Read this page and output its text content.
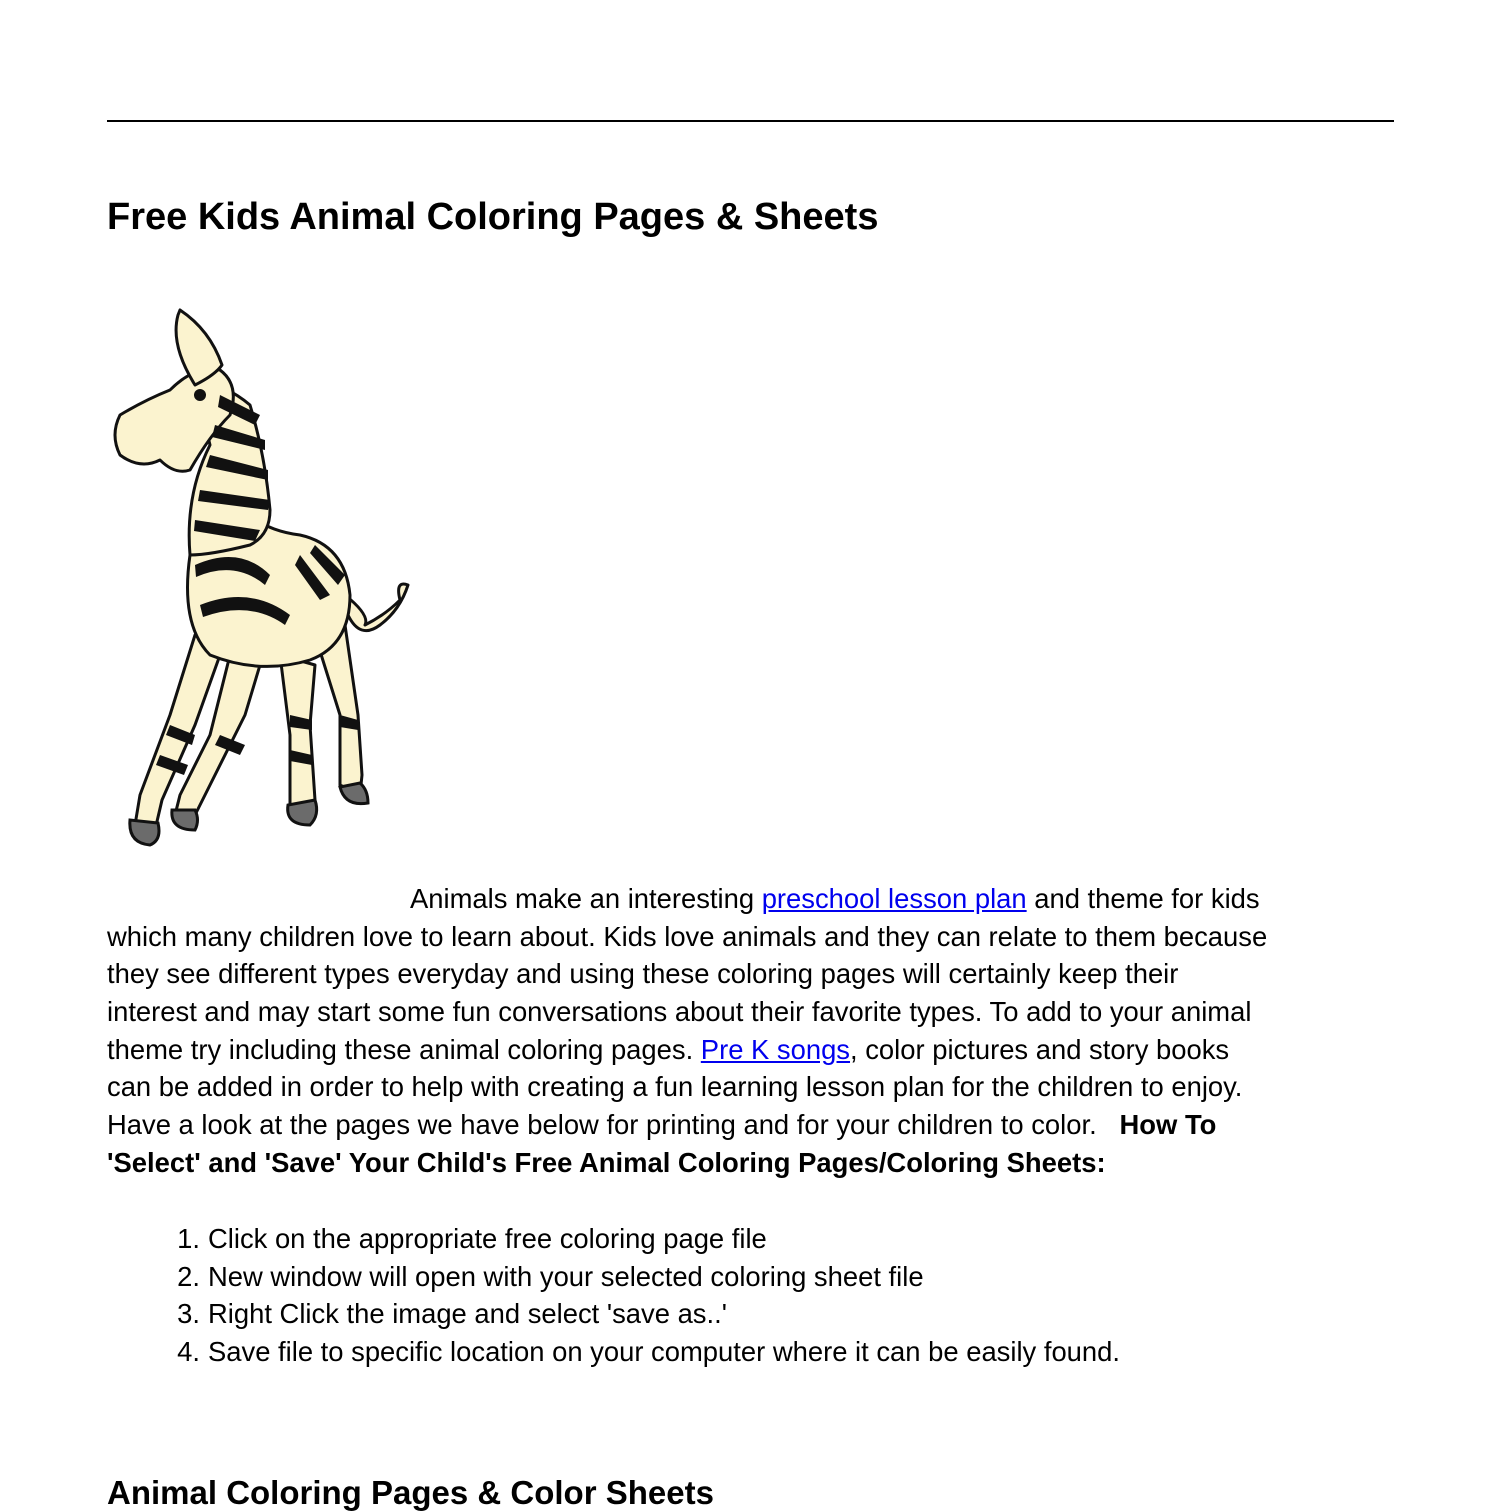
Free Kids Animal Coloring Pages & Sheets
Animals make an interesting preschool lesson plan and theme for kids
which many children love to learn about. Kids love animals and they can relate to them because
they see different types everyday and using these coloring pages will certainly keep their
interest and may start some fun conversations about their favorite types. To add to your animal
theme try including these animal coloring pages. Pre K songs, color pictures and story books
can be added in order to help with creating a fun learning lesson plan for the children to enjoy.
Have a look at the pages we have below for printing and for your children to color.   How To
'Select' and 'Save' Your Child's Free Animal Coloring Pages/Coloring Sheets:
1. Click on the appropriate free coloring page file
2. New window will open with your selected coloring sheet file
3. Right Click the image and select 'save as..'
4. Save file to specific location on your computer where it can be easily found.
Animal Coloring Pages & Color Sheets
